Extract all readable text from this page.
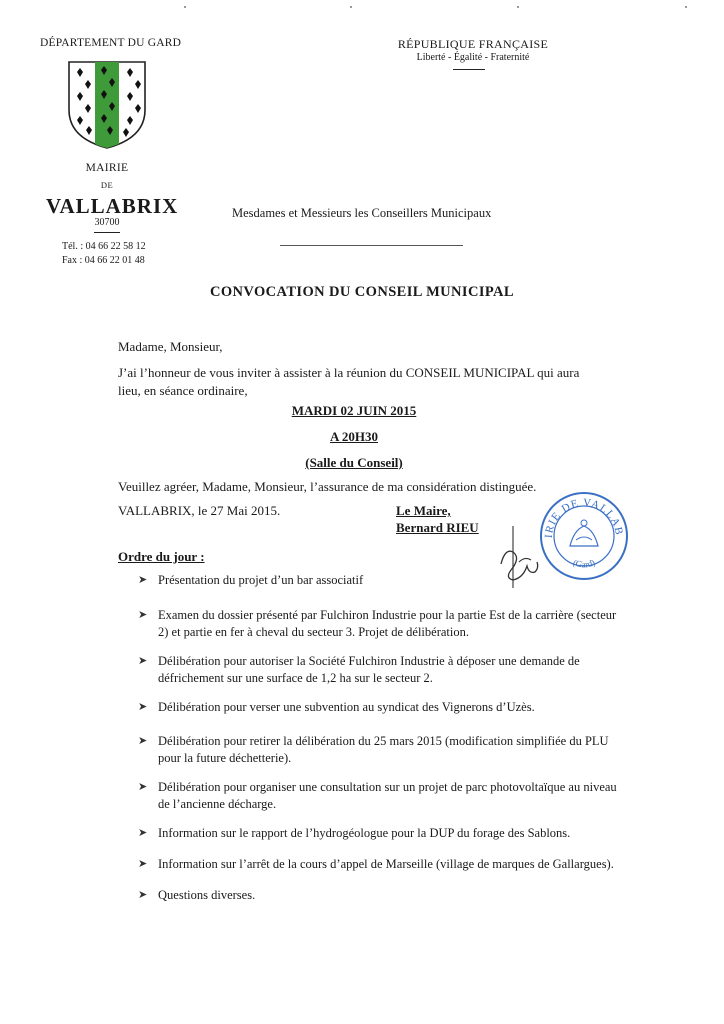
DÉPARTEMENT DU GARD
MAIRIE
DE
VALLABRIX
30700
Tél. : 04 66 22 58 12
Fax : 04 66 22 01 48
RÉPUBLIQUE FRANÇAISE
Liberté - Égalité - Fraternité
Mesdames et Messieurs les Conseillers Municipaux
CONVOCATION DU CONSEIL MUNICIPAL
Madame, Monsieur,
J’ai l’honneur de vous inviter à assister à la réunion du CONSEIL MUNICIPAL qui aura lieu, en séance ordinaire,
MARDI 02 JUIN 2015
A 20H30
(Salle du Conseil)
Veuillez agréer, Madame, Monsieur, l’assurance de ma considération distinguée.
VALLABRIX, le 27 Mai 2015.	Le Maire,
Bernard RIEU
IRIE DE VALLAB
(Gard)
Ordre du jour :
➤ Présentation du projet d’un bar associatif
➤ Examen du dossier présenté par Fulchiron Industrie pour la partie Est de la carrière (secteur 2) et partie en fer à cheval du secteur 3. Projet de délibération.
➤ Délibération pour autoriser la Société Fulchiron Industrie à déposer une demande de défrichement sur une surface de 1,2 ha sur le secteur 2.
➤ Délibération pour verser une subvention au syndicat des Vignerons d’Uzès.
➤ Délibération pour retirer la délibération du 25 mars 2015 (modification simplifiée du PLU pour la future déchetterie).
➤ Délibération pour organiser une consultation sur un projet de parc photovoltaïque au niveau de l’ancienne décharge.
➤ Information sur le rapport de l’hydrogéologue pour la DUP du forage des Sablons.
➤ Information sur l’arrêt de la cours d’appel de Marseille (village de marques de Gallargues).
➤ Questions diverses.
